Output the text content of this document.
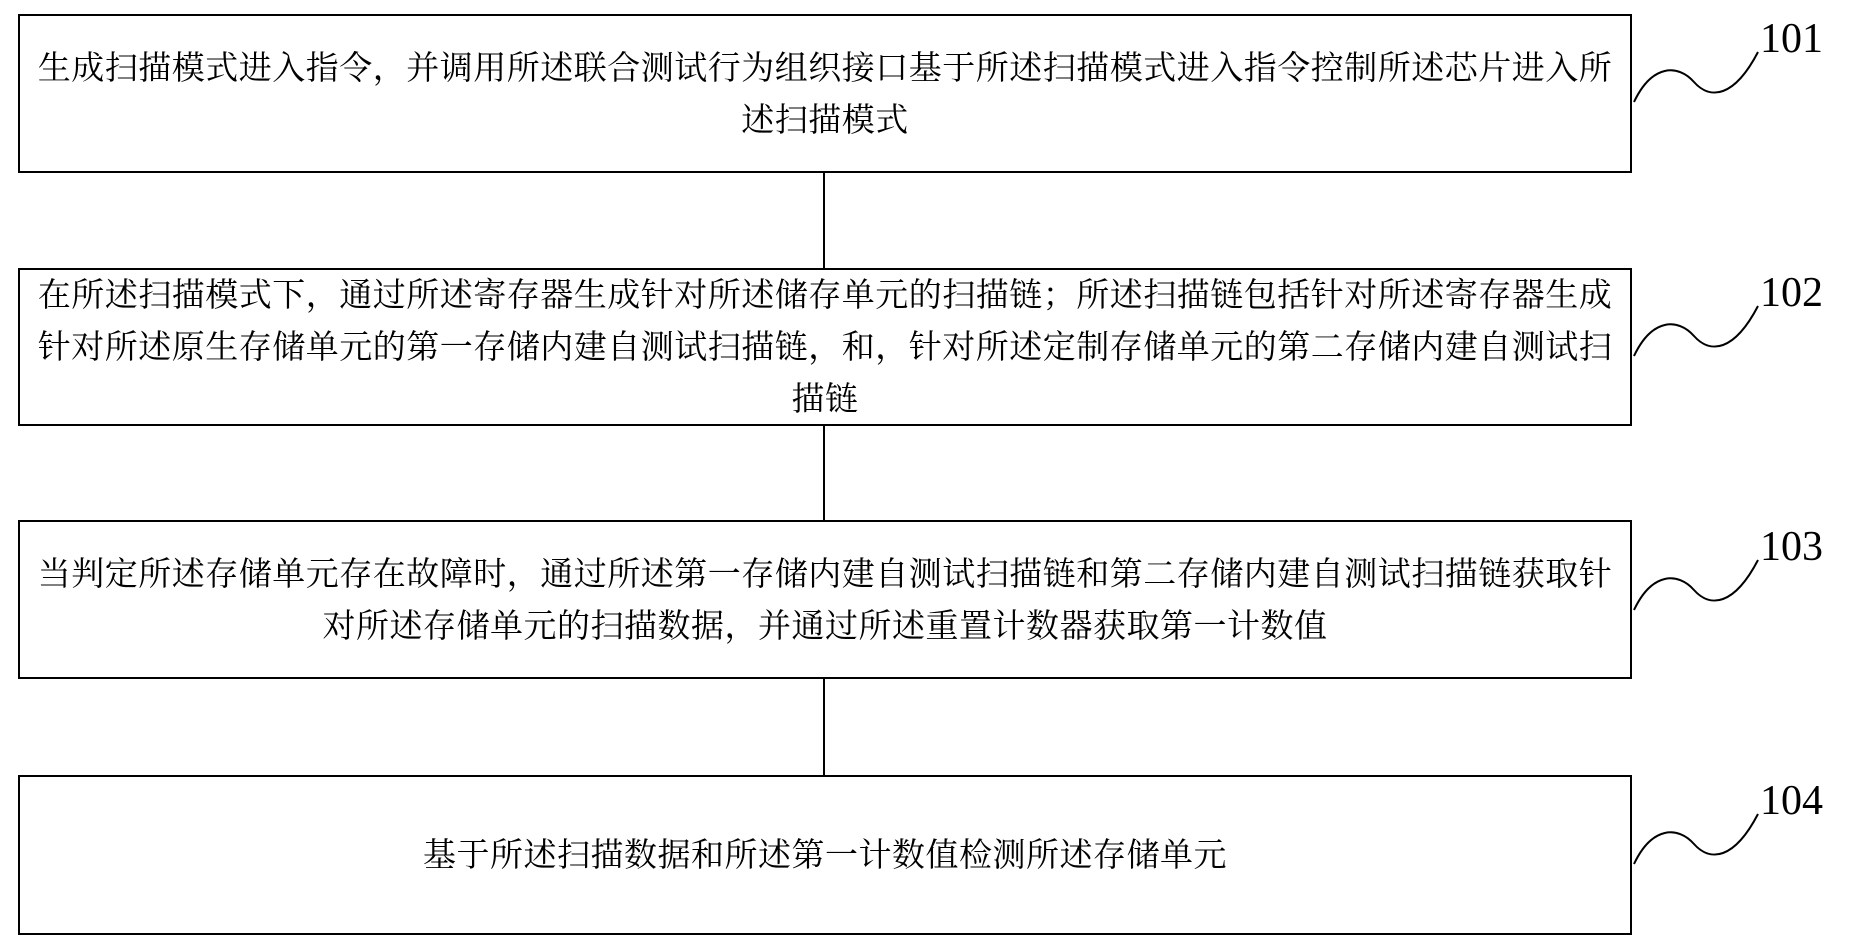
生成扫描模式进入指令，并调用所述联合测试行为组织接口基于所述扫描模式进入指令控制所述芯片进入所述扫描模式

101

在所述扫描模式下，通过所述寄存器生成针对所述储存单元的扫描链；所述扫描链包括针对所述寄存器生成针对所述原生存储单元的第一存储内建自测试扫描链，和，针对所述定制存储单元的第二存储内建自测试扫描链

102

当判定所述存储单元存在故障时，通过所述第一存储内建自测试扫描链和第二存储内建自测试扫描链获取针对所述存储单元的扫描数据，并通过所述重置计数器获取第一计数值

103

基于所述扫描数据和所述第一计数值检测所述存储单元

104
